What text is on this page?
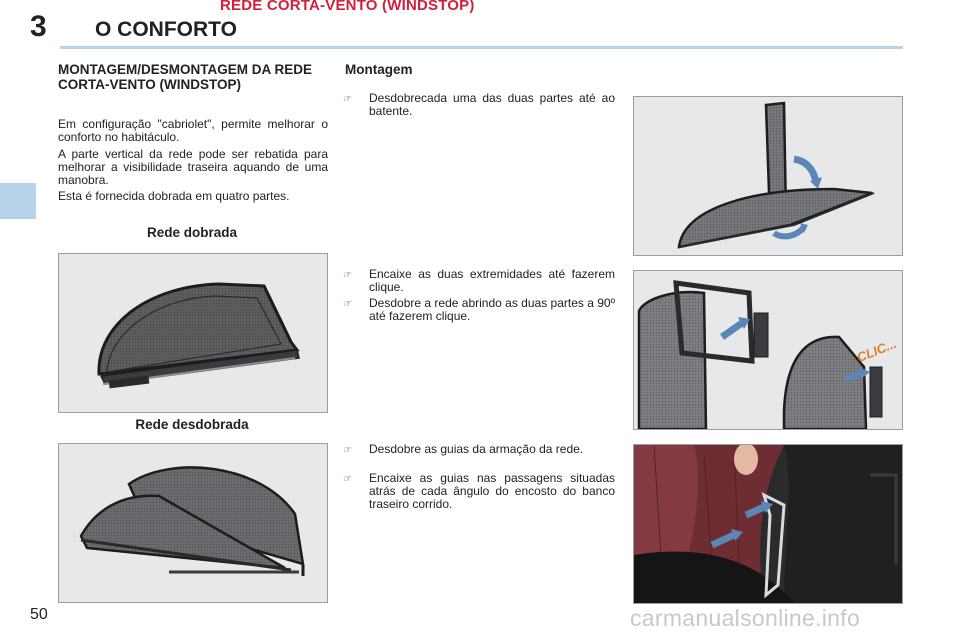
3
REDE CORTA-VENTO (WINDSTOP)
O CONFORTO
MONTAGEM/DESMONTAGEM DA REDE CORTA-VENTO (WINDSTOP)

Em configuração "cabriolet", permite melhorar o conforto no habitáculo.

A parte vertical da rede pode ser rebatida para melhorar a visibilidade traseira aquando de uma manobra.

Esta é fornecida dobrada em quatro partes.

Rede dobrada
Rede desdobrada
Montagem
☞	Desdobrecada uma das duas partes até ao batente.
☞	Encaixe as duas extremidades até fazerem clique.
☞	Desdobre a rede abrindo as duas partes a 90º até fazerem clique.
☞	Desdobre as guias da armação da rede.
☞	Encaixe as guias nas passagens situadas atrás de cada ângulo do encosto do banco traseiro corrido.
CLIC...
50	carmanualsonline.info
